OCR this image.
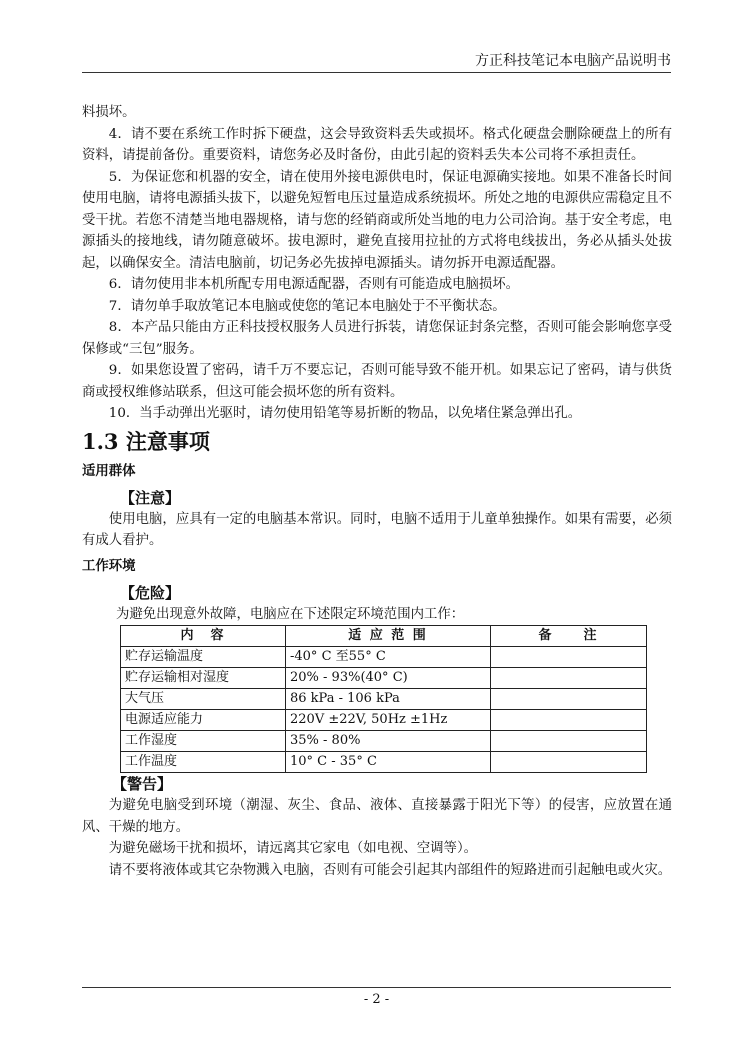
方正科技笔记本电脑产品说明书

料损坏。

4．请不要在系统工作时拆下硬盘，这会导致资料丢失或损坏。格式化硬盘会删除硬盘上的所有资料，请提前备份。重要资料，请您务必及时备份，由此引起的资料丢失本公司将不承担责任。

5．为保证您和机器的安全，请在使用外接电源供电时，保证电源确实接地。如果不准备长时间使用电脑，请将电源插头拔下，以避免短暂电压过量造成系统损坏。所处之地的电源供应需稳定且不受干扰。若您不清楚当地电器规格，请与您的经销商或所处当地的电力公司洽询。基于安全考虑，电源插头的接地线，请勿随意破坏。拔电源时，避免直接用拉扯的方式将电线拔出，务必从插头处拔起，以确保安全。清洁电脑前，切记务必先拔掉电源插头。请勿拆开电源适配器。

6．请勿使用非本机所配专用电源适配器，否则有可能造成电脑损坏。

7．请勿单手取放笔记本电脑或使您的笔记本电脑处于不平衡状态。

8．本产品只能由方正科技授权服务人员进行拆装，请您保证封条完整，否则可能会影响您享受保修或“三包”服务。

9．如果您设置了密码，请千万不要忘记，否则可能导致不能开机。如果忘记了密码，请与供货商或授权维修站联系，但这可能会损坏您的所有资料。

10．当手动弹出光驱时，请勿使用铅笔等易折断的物品，以免堵住紧急弹出孔。

1.3 注意事项
适用群体
【注意】

使用电脑，应具有一定的电脑基本常识。同时，电脑不适用于儿童单独操作。如果有需要，必须有成人看护。

工作环境
【危险】

为避免出现意外故障，电脑应在下述限定环境范围内工作：

内　容	适 应 范 围	备　　注
贮存运输温度	-40° C 至55° C	
贮存运输相对湿度	20% - 93%(40° C)	
大气压	86 kPa - 106 kPa	
电源适应能力	220V ±22V, 50Hz ±1Hz	
工作湿度	35% - 80%	
工作温度	10° C - 35° C	
【警告】

为避免电脑受到环境（潮湿、灰尘、食品、液体、直接暴露于阳光下等）的侵害，应放置在通风、干燥的地方。

为避免磁场干扰和损坏，请远离其它家电（如电视、空调等）。

请不要将液体或其它杂物溅入电脑，否则有可能会引起其内部组件的短路进而引起触电或火灾。

- 2 -
